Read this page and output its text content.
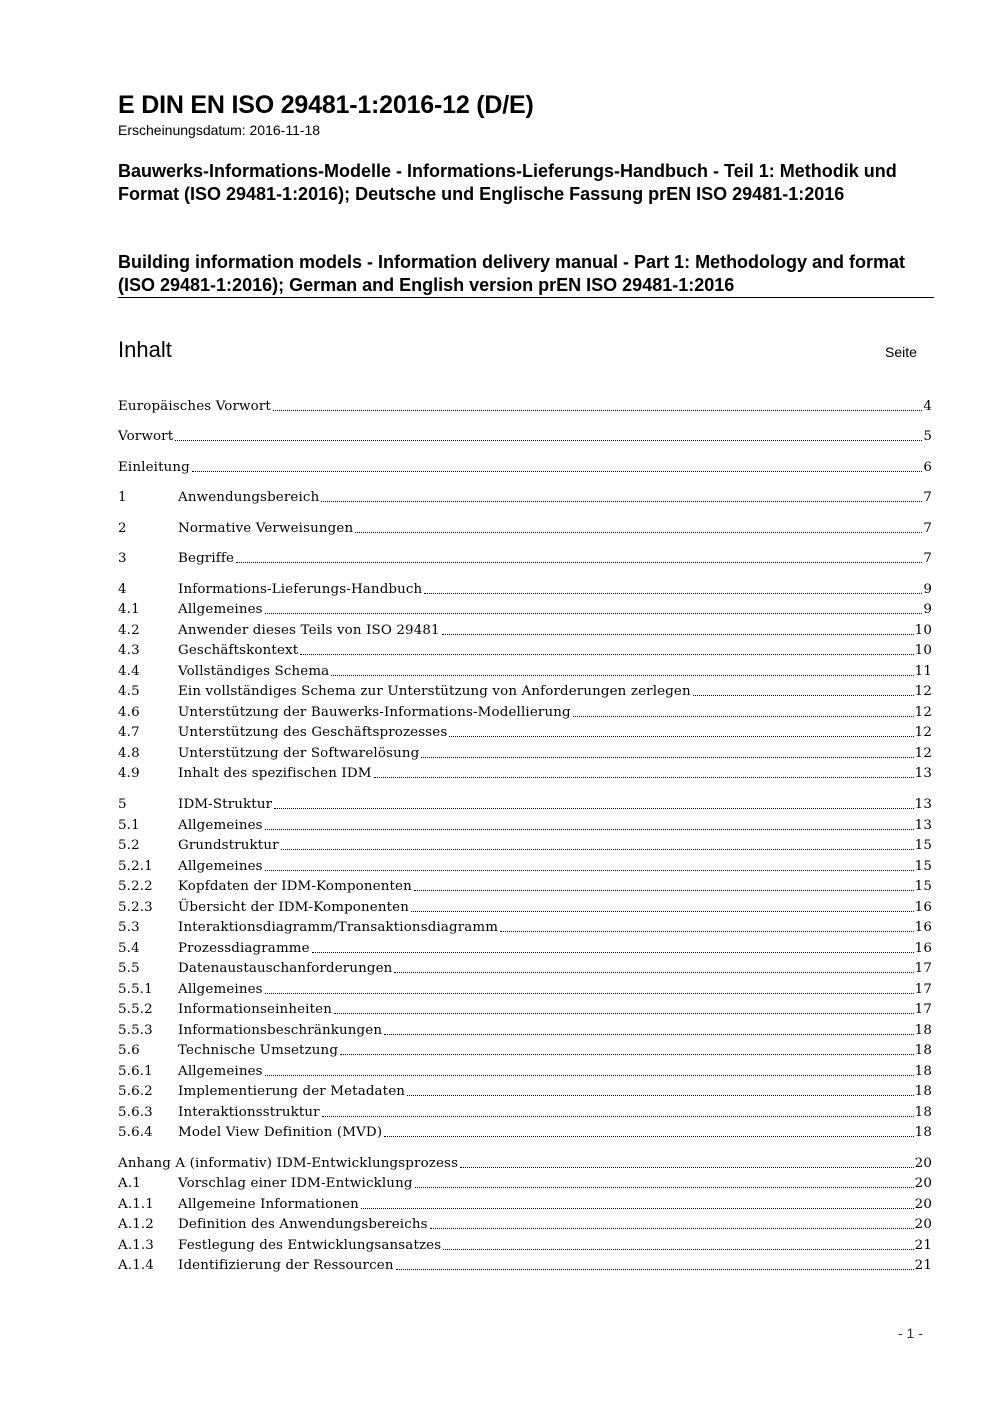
E DIN EN ISO 29481-1:2016-12 (D/E)
Erscheinungsdatum: 2016-11-18
Bauwerks-Informations-Modelle - Informations-Lieferungs-Handbuch - Teil 1: Methodik und Format (ISO 29481-1:2016); Deutsche und Englische Fassung prEN ISO 29481-1:2016
Building information models - Information delivery manual - Part 1: Methodology and format (ISO 29481-1:2016); German and English version prEN ISO 29481-1:2016
Inhalt	Seite
Europäisches Vorwort	4
Vorwort	5
Einleitung	6
1	Anwendungsbereich	7
2	Normative Verweisungen	7
3	Begriffe	7
4	Informations-Lieferungs-Handbuch	9
4.1	Allgemeines	9
4.2	Anwender dieses Teils von ISO 29481	10
4.3	Geschäftskontext	10
4.4	Vollständiges Schema	11
4.5	Ein vollständiges Schema zur Unterstützung von Anforderungen zerlegen	12
4.6	Unterstützung der Bauwerks-Informations-Modellierung	12
4.7	Unterstützung des Geschäftsprozesses	12
4.8	Unterstützung der Softwarelösung	12
4.9	Inhalt des spezifischen IDM	13
5	IDM-Struktur	13
5.1	Allgemeines	13
5.2	Grundstruktur	15
5.2.1	Allgemeines	15
5.2.2	Kopfdaten der IDM-Komponenten	15
5.2.3	Übersicht der IDM-Komponenten	16
5.3	Interaktionsdiagramm/Transaktionsdiagramm	16
5.4	Prozessdiagramme	16
5.5	Datenaustauschanforderungen	17
5.5.1	Allgemeines	17
5.5.2	Informationseinheiten	17
5.5.3	Informationsbeschränkungen	18
5.6	Technische Umsetzung	18
5.6.1	Allgemeines	18
5.6.2	Implementierung der Metadaten	18
5.6.3	Interaktionsstruktur	18
5.6.4	Model View Definition (MVD)	18
Anhang A (informativ) IDM-Entwicklungsprozess	20
A.1	Vorschlag einer IDM-Entwicklung	20
A.1.1	Allgemeine Informationen	20
A.1.2	Definition des Anwendungsbereichs	20
A.1.3	Festlegung des Entwicklungsansatzes	21
A.1.4	Identifizierung der Ressourcen	21
- 1 -
